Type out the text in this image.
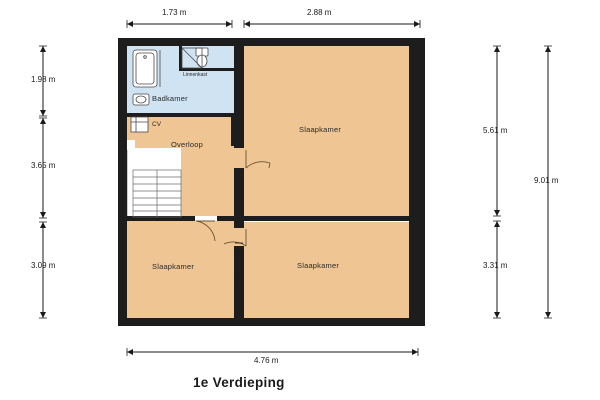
Badkamer
Linnenkast
CV
Overloop
Slaapkamer
Slaapkamer	Slaapkamer
1.73 m	2.88 m
1.98 m
3.65 m
3.09 m
5.61 m
3.31 m
9.01 m
4.76 m
1e Verdieping
